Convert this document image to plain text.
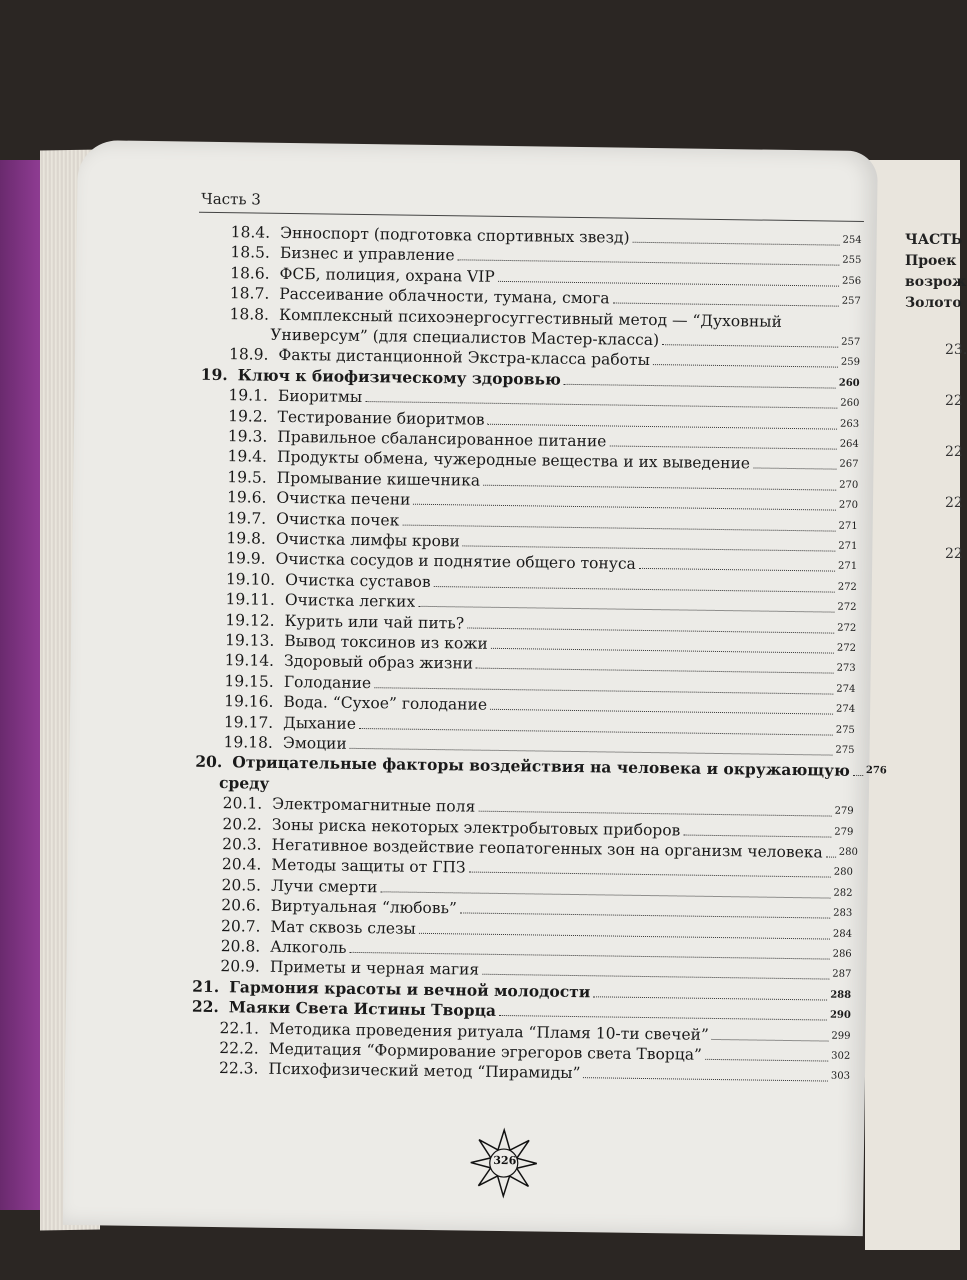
ЧАСТЬ
Проек
возрож
Золото
23.
22
22
22
22
Часть 3
18.4. Энноспорт (подготовка спортивных звезд)	254
18.5. Бизнес и управление	255
18.6. ФСБ, полиция, охрана VIP	256
18.7. Рассеивание облачности, тумана, смога	257
18.8. Комплексный психоэнергосуггестивный метод — “Духовный
Универсум” (для специалистов Мастер-класса)	257
18.9. Факты дистанционной Экстра-класса работы	259
19. Ключ к биофизическому здоровью	260
19.1. Биоритмы	260
19.2. Тестирование биоритмов	263
19.3. Правильное сбалансированное питание	264
19.4. Продукты обмена, чужеродные вещества и их выведение	267
19.5. Промывание кишечника	270
19.6. Очистка печени	270
19.7. Очистка почек	271
19.8. Очистка лимфы крови	271
19.9. Очистка сосудов и поднятие общего тонуса	271
19.10. Очистка суставов	272
19.11. Очистка легких	272
19.12. Курить или чай пить?	272
19.13. Вывод токсинов из кожи	272
19.14. Здоровый образ жизни	273
19.15. Голодание	274
19.16. Вода. “Сухое” голодание	274
19.17. Дыхание	275
19.18. Эмоции	275
20. Отрицательные факторы воздействия на человека и окружающую 276
среду
20.1. Электромагнитные поля	279
20.2. Зоны риска некоторых электробытовых приборов	279
20.3. Негативное воздействие геопатогенных зон на организм человека 280
20.4. Методы защиты от ГПЗ	280
20.5. Лучи смерти	282
20.6. Виртуальная “любовь”	283
20.7. Мат сквозь слезы	284
20.8. Алкоголь	286
20.9. Приметы и черная магия	287
21. Гармония красоты и вечной молодости	288
22. Маяки Света Истины Творца	290
22.1. Методика проведения ритуала “Пламя 10-ти свечей”	299
22.2. Медитация “Формирование эгрегоров света Творца”	302
22.3. Психофизический метод “Пирамиды”	303
326
